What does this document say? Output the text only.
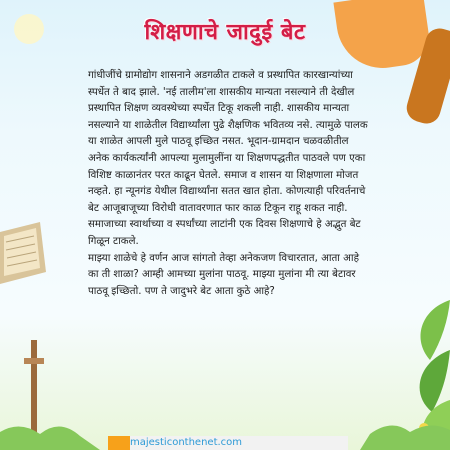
शिक्षणाचे जादुई बेट

गांधीजींचे ग्रामोद्योग शासनाने अडगळीत टाकले व प्रस्थापित कारखान्यांच्या स्पर्धेत ते बाद झाले. 'नई तालीम'ला शासकीय मान्यता नसल्याने ती देखील प्रस्थापित शिक्षण व्यवस्थेच्या स्पर्धेत टिकू शकली नाही. शासकीय मान्यता नसल्याने या शाळेतील विद्यार्थ्यांला पुढे शैक्षणिक भवितव्य नसे. त्यामुळे पालक या शाळेत आपली मुले पाठवू इच्छित नसत. भूदान-ग्रामदान चळवळीतील अनेक कार्यकर्त्यांनी आपल्या मुलामुलींना या शिक्षणपद्धतीत पाठवले पण एका विशिष्ट काळानंतर परत काढून घेतले. समाज व शासन या शिक्षणाला मोजत नव्हते. हा न्यूनगंड येथील विद्यार्थ्यांना सतत खात होता. कोणत्याही परिवर्तनाचे बेट आजूबाजूच्या विरोधी वातावरणात फार काळ टिकून राहू शकत नाही. समाजाच्या स्वार्थाच्या व स्पर्धांच्या लाटांनी एक दिवस शिक्षणाचे हे अद्भुत बेट गिळून टाकले.

माझ्या शाळेचे हे वर्णन आज सांगतो तेव्हा अनेकजण विचारतात, आता आहे का ती शाळा? आम्ही आमच्या मुलांना पाठवू. माझ्या मुलांना मी त्या बेटावर पाठवू इच्छितो. पण ते जादुभरे बेट आता कुठे आहे?

majesticonthenet.com
